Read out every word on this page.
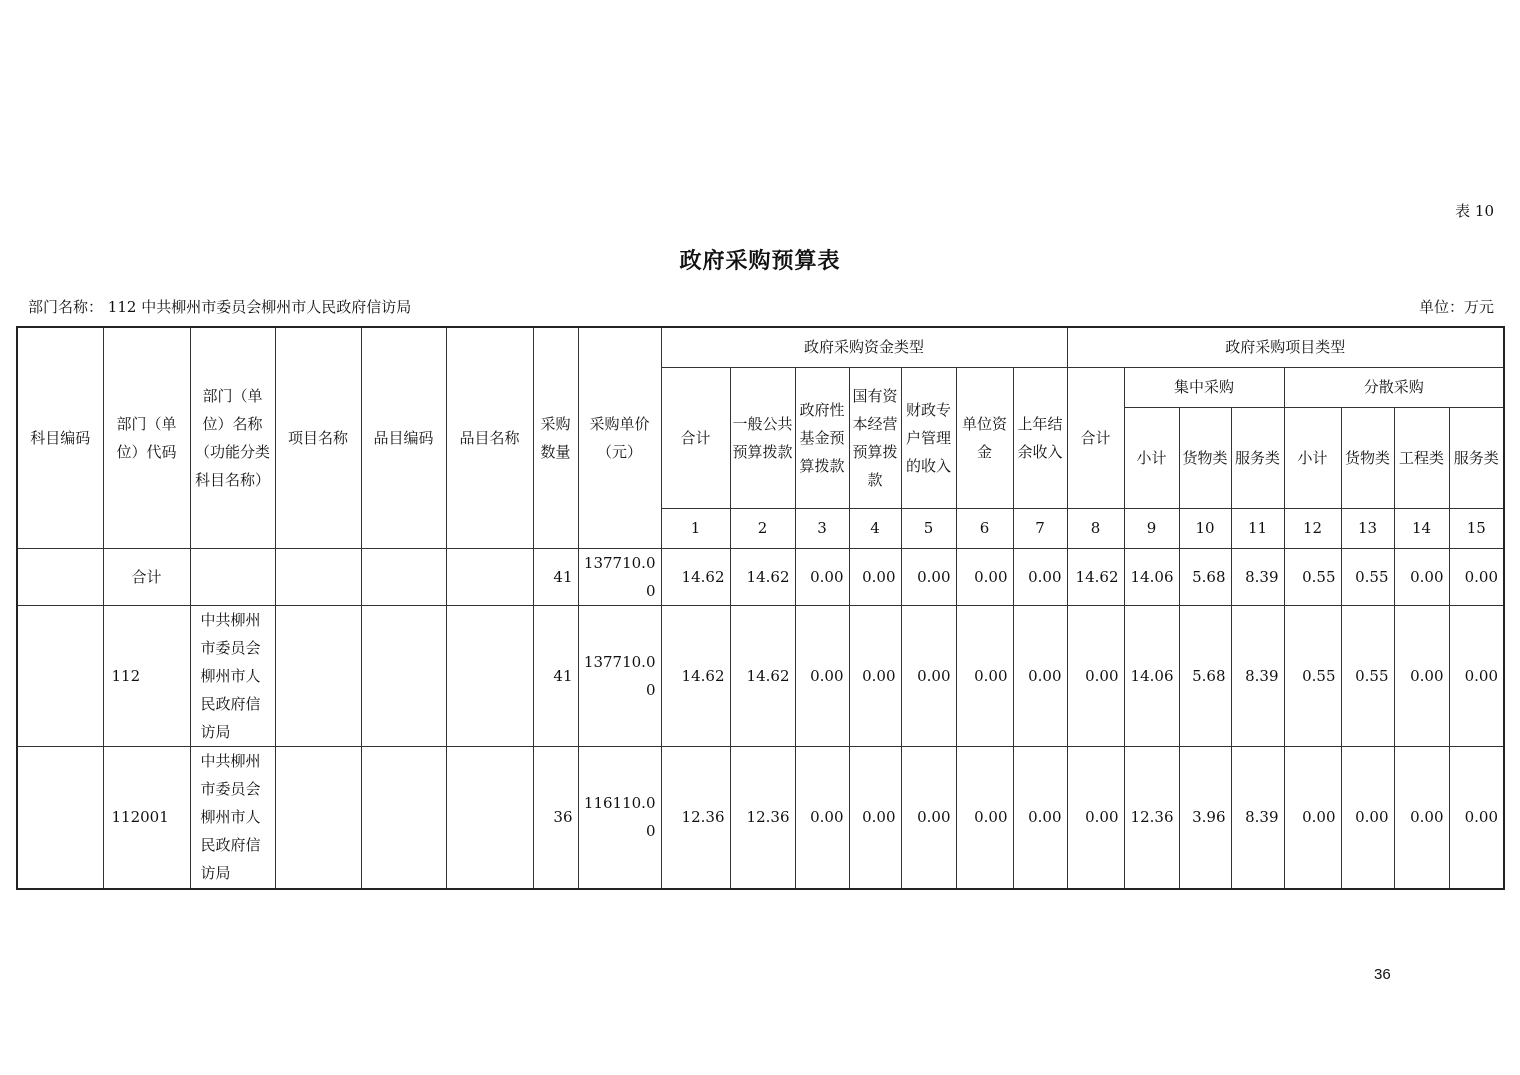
表 10
政府采购预算表
部门名称： 112 中共柳州市委员会柳州市人民政府信访局	单位：万元
科目编码	部门（单位）代码	部门（单位）名称（功能分类科目名称）	项目名称	品目编码	品目名称	采购数量	采购单价（元）	政府采购资金类型							政府采购项目类型							
								合计	一般公共预算拨款	政府性基金预算拨款	国有资本经营预算拨款	财政专户管理的收入	单位资金	上年结余收入	合计	集中采购			分散采购			
																小计	货物类	服务类	小计	货物类	工程类	服务类
								1	2	3	4	5	6	7	8	9	10	11	12	13	14	15
	合计					41	137710.00	14.62	14.62	0.00	0.00	0.00	0.00	0.00	14.62	14.06	5.68	8.39	0.55	0.55	0.00	0.00
	112	中共柳州市委员会柳州市人民政府信访局				41	137710.00	14.62	14.62	0.00	0.00	0.00	0.00	0.00	0.00	14.06	5.68	8.39	0.55	0.55	0.00	0.00
	112001	中共柳州市委员会柳州市人民政府信访局				36	116110.00	12.36	12.36	0.00	0.00	0.00	0.00	0.00	0.00	12.36	3.96	8.39	0.00	0.00	0.00	0.00
36
